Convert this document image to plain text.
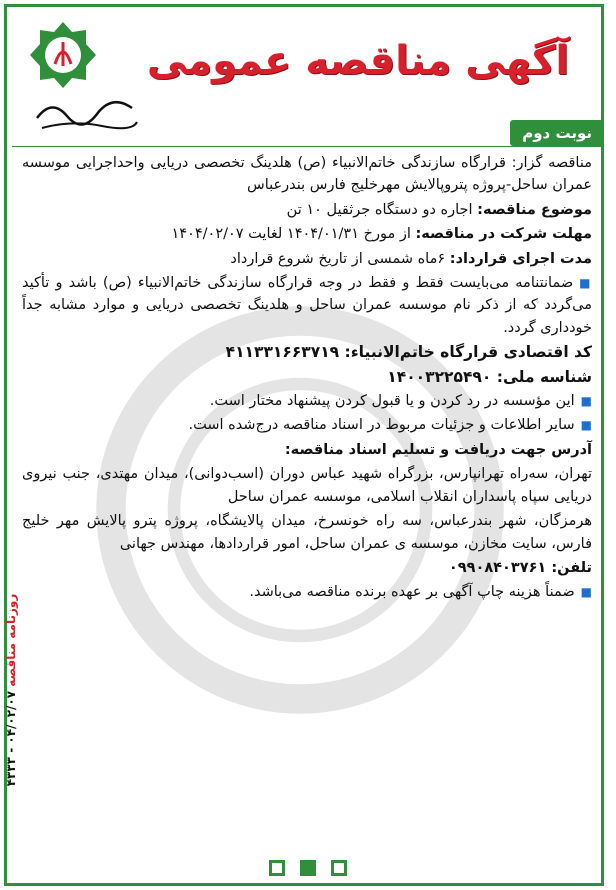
آگهی مناقصه عمومی
نوبت دوم

مناقصه گزار: قرارگاه سازندگی خاتم‌الانبیاء (ص) هلدینگ تخصصی دریایی واحداجرایی موسسه عمران ساحل-پروژه پتروپالایش مهرخلیج فارس بندرعباس

موضوع مناقصه: اجاره دو دستگاه جرثقیل ۱۰ تن

مهلت شرکت در مناقصه: از مورخ ۱۴۰۴/۰۱/۳۱ لغایت ۱۴۰۴/۰۲/۰۷

مدت اجرای قرارداد: ۶ماه شمسی از تاریخ شروع قرارداد

■ضمانتنامه می‌بایست فقط و فقط در وجه قرارگاه سازندگی خاتم‌الانبیاء (ص) باشد و تأکید می‌گردد که از ذکر نام موسسه عمران ساحل و هلدینگ تخصصی دریایی و موارد مشابه جداً خودداری گردد.

کد اقتصادی قرارگاه خاتم‌الانبیاء: ۴۱۱۳۳۱۶۶۳۷۱۹

شناسه ملی: ۱۴۰۰۳۲۲۵۴۹۰

■این مؤسسه در رد کردن و یا قبول کردن پیشنهاد مختار است.

■سایر اطلاعات و جزئیات مربوط در اسناد مناقصه درج‌شده است.

آدرس جهت دریافت و تسلیم اسناد مناقصه:

تهران، سه‌راه تهرانپارس، بزرگراه شهید عباس دوران (اسب‌دوانی)، میدان مهتدی، جنب نیروی دریایی سپاه پاسداران انقلاب اسلامی، موسسه عمران ساحل

هرمزگان، شهر بندرعباس، سه راه خونسرخ، میدان پالایشگاه، پروژه پترو پالایش مهر خلیج فارس، سایت مخازن، موسسه ی عمران ساحل، امور قراردادها، مهندس جهانی

تلفن: ۰۹۹۰۸۴۰۳۷۶۱

■ضمناً هزینه چاپ آگهی بر عهده برنده مناقصه می‌باشد.

روزنامه مناقصه ۰۴/۰۲/۰۷ - ۴۳۳۳
